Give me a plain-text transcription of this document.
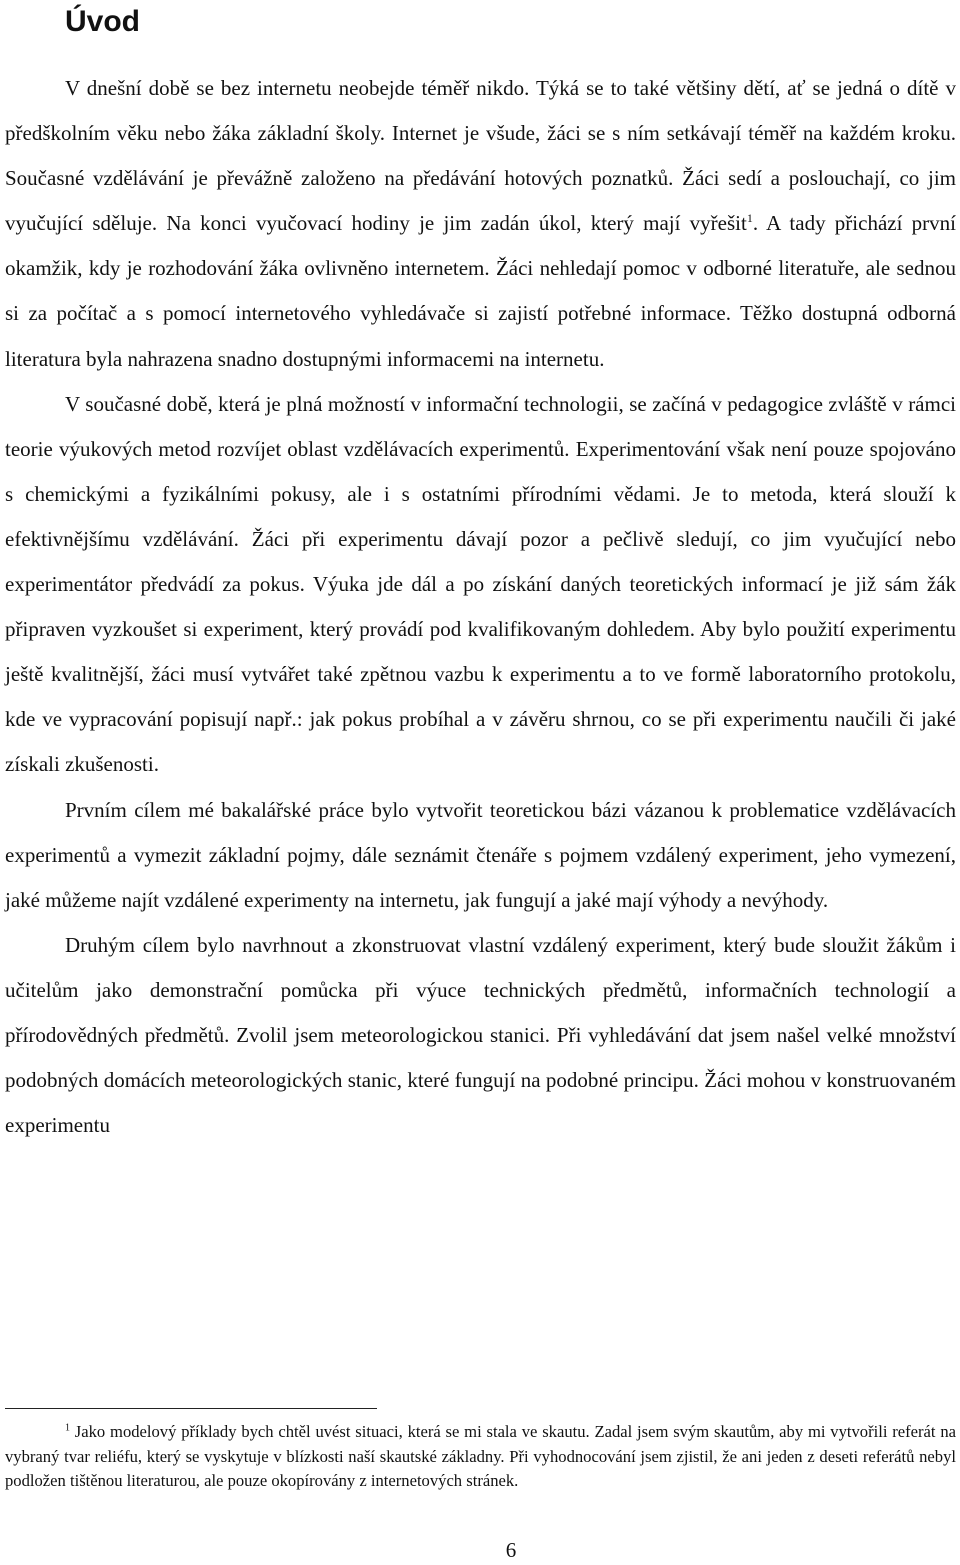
Úvod

V dnešní době se bez internetu neobejde téměř nikdo. Týká se to také většiny dětí, ať se jedná o dítě v předškolním věku nebo žáka základní školy. Internet je všude, žáci se s ním setkávají téměř na každém kroku. Současné vzdělávání je převážně založeno na předávání hotových poznatků. Žáci sedí a poslouchají, co jim vyučující sděluje. Na konci vyučovací hodiny je jim zadán úkol, který mají vyřešit$^1$. A tady přichází první okamžik, kdy je rozhodování žáka ovlivněno internetem. Žáci nehledají pomoc v odborné literatuře, ale sednou si za počítač a s pomocí internetového vyhledávače si zajistí potřebné informace. Těžko dostupná odborná literatura byla nahrazena snadno dostupnými informacemi na internetu.

V současné době, která je plná možností v informační technologii, se začíná v pedagogice zvláště v rámci teorie výukových metod rozvíjet oblast vzdělávacích experimentů. Experimentování však není pouze spojováno s chemickými a fyzikálními pokusy, ale i s ostatními přírodními vědami. Je to metoda, která slouží k efektivnějšímu vzdělávání. Žáci při experimentu dávají pozor a pečlivě sledují, co jim vyučující nebo experimentátor předvádí za pokus. Výuka jde dál a po získání daných teoretických informací je již sám žák připraven vyzkoušet si experiment, který provádí pod kvalifikovaným dohledem. Aby bylo použití experimentu ještě kvalitnější, žáci musí vytvářet také zpětnou vazbu k experimentu a to ve formě laboratorního protokolu, kde ve vypracování popisují např.: jak pokus probíhal a v závěru shrnou, co se při experimentu naučili či jaké získali zkušenosti.

Prvním cílem mé bakalářské práce bylo vytvořit teoretickou bázi vázanou k problematice vzdělávacích experimentů a vymezit základní pojmy, dále seznámit čtenáře s pojmem vzdálený experiment, jeho vymezení, jaké můžeme najít vzdálené experimenty na internetu, jak fungují a jaké mají výhody a nevýhody.

Druhým cílem bylo navrhnout a zkonstruovat vlastní vzdálený experiment, který bude sloužit žákům i učitelům jako demonstrační pomůcka při výuce technických předmětů, informačních technologií a přírodovědných předmětů. Zvolil jsem meteorologickou stanici. Při vyhledávání dat jsem našel velké množství podobných domácích meteorologických stanic, které fungují na podobné principu. Žáci mohou v konstruovaném experimentu

$^1$ Jako modelový příklady bych chtěl uvést situaci, která se mi stala ve skautu. Zadal jsem svým skautům, aby mi vytvořili referát na vybraný tvar reliéfu, který se vyskytuje v blízkosti naší skautské základny. Při vyhodnocování jsem zjistil, že ani jeden z deseti referátů nebyl podložen tištěnou literaturou, ale pouze okopírovány z internetových stránek.

6
